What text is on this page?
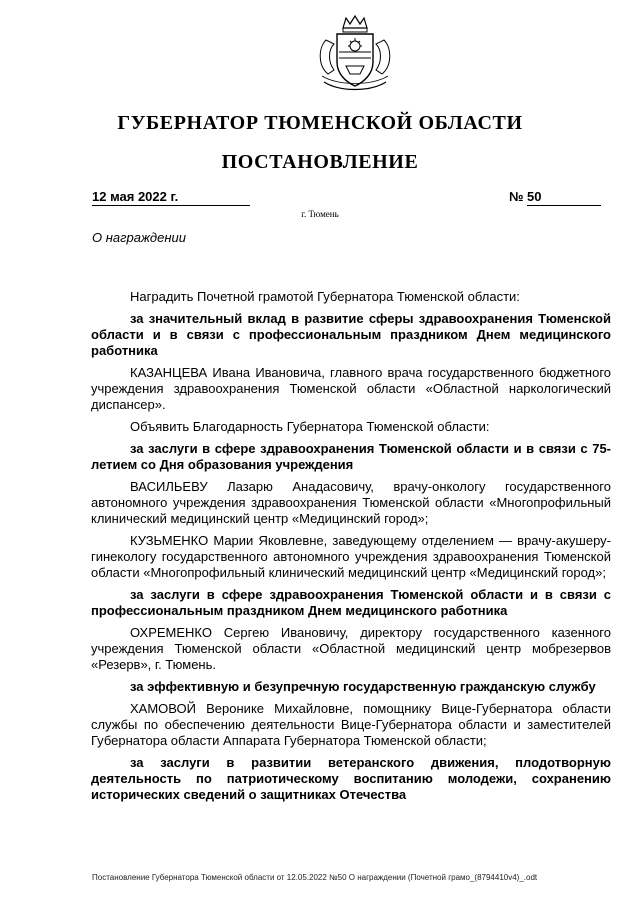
ГУБЕРНАТОР ТЮМЕНСКОЙ ОБЛАСТИ
ПОСТАНОВЛЕНИЕ
12 мая 2022 г.	№ 50
г. Тюмень
О награждении

Наградить Почетной грамотой Губернатора Тюменской области:

за значительный вклад в развитие сферы здравоохранения Тюменской области и в связи с профессиональным праздником Днем медицинского работника

КАЗАНЦЕВА Ивана Ивановича, главного врача государственного бюджетного учреждения здравоохранения Тюменской области «Областной наркологический диспансер».

Объявить Благодарность Губернатора Тюменской области:

за заслуги в сфере здравоохранения Тюменской области и в связи с 75-летием со Дня образования учреждения

ВАСИЛЬЕВУ Лазарю Анадасовичу, врачу-онкологу государственного автономного учреждения здравоохранения Тюменской области «Многопрофильный клинический медицинский центр «Медицинский город»;

КУЗЬМЕНКО Марии Яковлевне, заведующему отделением — врачу-акушеру-гинекологу государственного автономного учреждения здравоохранения Тюменской области «Многопрофильный клинический медицинский центр «Медицинский город»;

за заслуги в сфере здравоохранения Тюменской области и в связи с профессиональным праздником Днем медицинского работника

ОХРЕМЕНКО Сергею Ивановичу, директору государственного казенного учреждения Тюменской области «Областной медицинский центр мобрезервов «Резерв», г. Тюмень.

за эффективную и безупречную государственную гражданскую службу

ХАМОВОЙ Веронике Михайловне, помощнику Вице-Губернатора области службы по обеспечению деятельности Вице-Губернатора области и заместителей Губернатора области Аппарата Губернатора Тюменской области;

за заслуги в развитии ветеранского движения, плодотворную деятельность по патриотическому воспитанию молодежи, сохранению исторических сведений о защитниках Отечества

Постановление Губернатора Тюменской области от 12.05.2022 №50 О награждении (Почетной грамо_(8794410v4)_.odt
